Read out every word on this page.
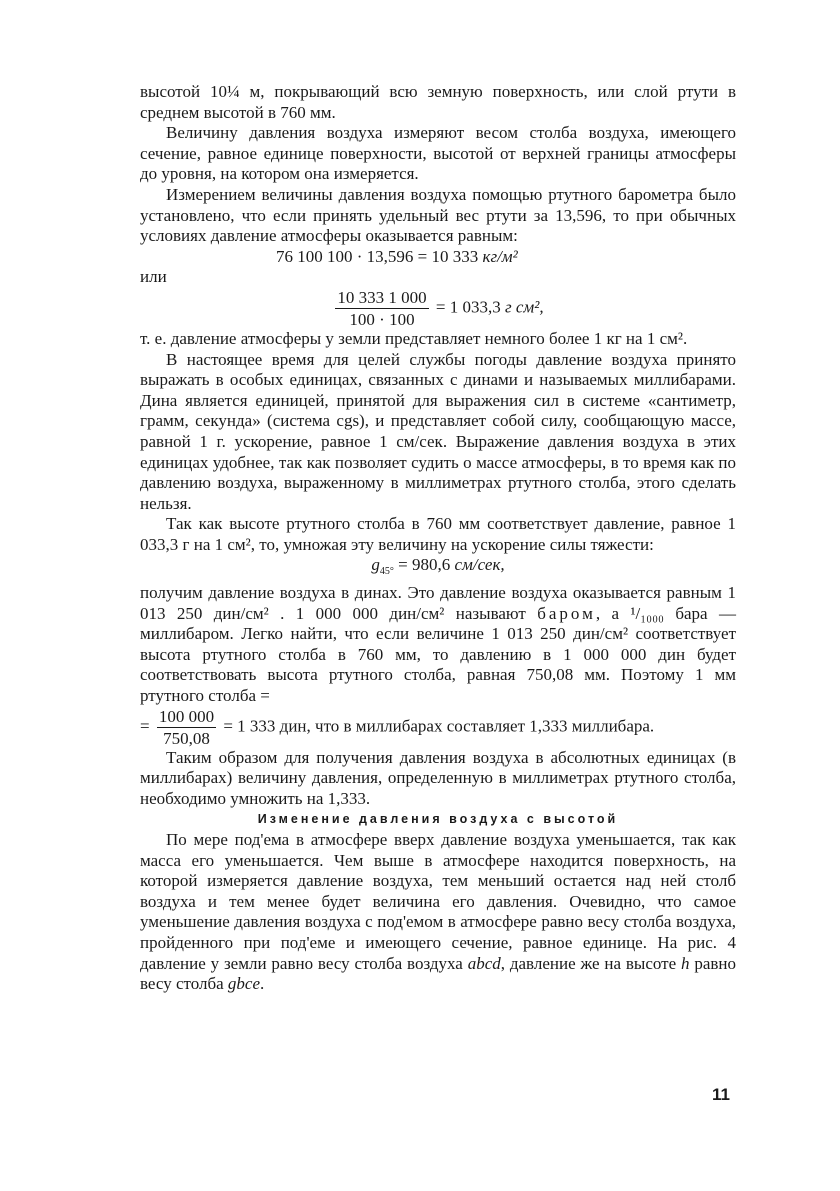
высотой 10¼ м, покрывающий всю земную поверхность, или слой ртути в среднем высотой в 760 мм.

Величину давления воздуха измеряют весом столба воздуха, имеющего сечение, равное единице поверхности, высотой от верхней границы атмосферы до уровня, на котором она измеряется.

Измерением величины давления воздуха помощью ртутного барометра было установлено, что если принять удельный вес ртути за 13,596, то при обычных условиях давление атмосферы оказывается равным:

76 100 100 · 13,596 = 10 333 кг/м²

или

$\frac{10 333 1 000}{100 \cdot 100} = 1$ 033,3 г см²,

т. е. давление атмосферы у земли представляет немного более 1 кг на 1 см².

В настоящее время для целей службы погоды давление воздуха принято выражать в особых единицах, связанных с динами и называемых миллибарами. Дина является единицей, принятой для выражения сил в системе «сантиметр, грамм, секунда» (система cgs), и представляет собой силу, сообщающую массе, равной 1 г. ускорение, равное 1 см/сек. Выражение давления воздуха в этих единицах удобнее, так как позволяет судить о массе атмосферы, в то время как по давлению воздуха, выраженному в миллиметрах ртутного столба, этого сделать нельзя.

Так как высоте ртутного столба в 760 мм соответствует давление, равное 1 033,3 г на 1 см², то, умножая эту величину на ускорение силы тяжести:

$g_{45^\circ} = 980,6$ см/сек,

получим давление воздуха в динах. Это давление воздуха оказывается равным 1 013 250 дин/см² . 1 000 000 дин/см² называют баром, а ¹/₁₀₀₀ бара — миллибаром. Легко найти, что если величине 1 013 250 дин/см² соответствует высота ртутного столба в 760 мм, то давлению в 1 000 000 дин будет соответствовать высота ртутного столба, равная 750,08 мм. Поэтому 1 мм ртутного столба =

= $\frac{100 000}{750,08} = 1$ 333 дин, что в миллибарах составляет 1,333 миллибара.

Таким образом для получения давления воздуха в абсолютных единицах (в миллибарах) величину давления, определенную в миллиметрах ртутного столба, необходимо умножить на 1,333.

Изменение давления воздуха с высотой

По мере под'ема в атмосфере вверх давление воздуха уменьшается, так как масса его уменьшается. Чем выше в атмосфере находится поверхность, на которой измеряется давление воздуха, тем меньший остается над ней столб воздуха и тем менее будет величина его давления. Очевидно, что самое уменьшение давления воздуха с под'емом в атмосфере равно весу столба воздуха, пройденного при под'еме и имеющего сечение, равное единице. На рис. 4 давление у земли равно весу столба воздуха abcd, давление же на высоте h равно весу столба gbce.

11
